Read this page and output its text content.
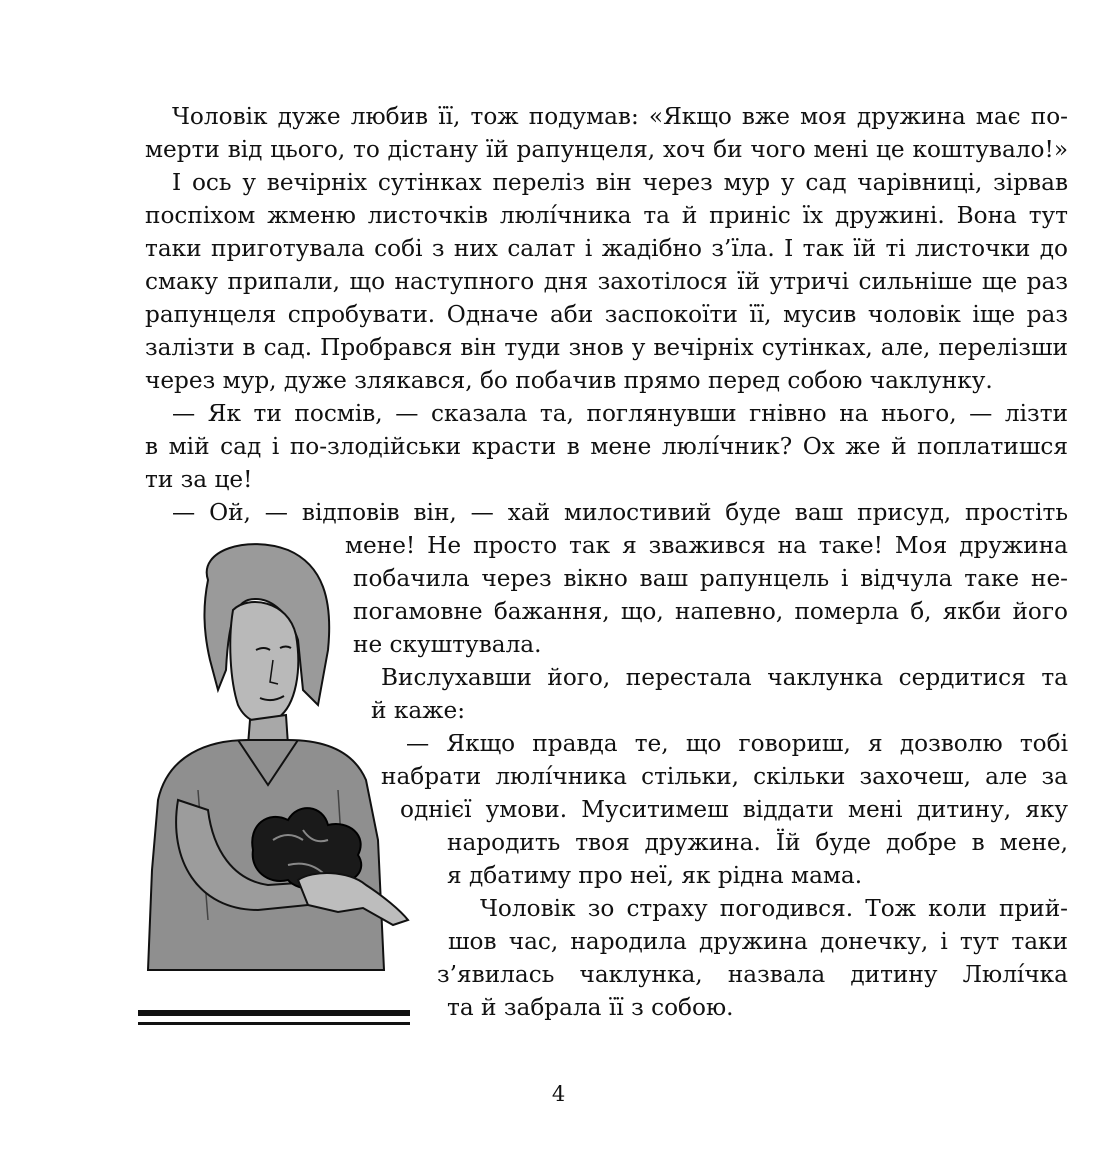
Чоловік дуже любив її, тож подумав: «Якщо вже моя дружина має по-
мерти від цього, то дістану їй рапунцеля, хоч би чого мені це коштувало!»
І ось у вечірніх сутінках переліз він через мур у сад чарівниці, зірвав
поспіхом жменю листочків люлíчника та й приніс їх дружині. Вона тут
таки приготувала собі з них салат і жадібно з’їла. І так їй ті листочки до
смаку припали, що наступного дня захотілося їй утричі сильніше ще раз
рапунцеля спробувати. Одначе аби заспокоїти її, мусив чоловік іще раз
залізти в сад. Пробрався він туди знов у вечірніх сутінках, але, перелізши
через мур, дуже злякався, бо побачив прямо перед собою чаклунку.
— Як ти посмів, — сказала та, поглянувши гнівно на нього, — лізти
в мій сад і по-злодійськи красти в мене люлíчник? Ох же й поплатишся
ти за це!
— Ой, — відповів він, — хай милостивий буде ваш присуд, простіть
мене! Не просто так я зважився на таке! Моя дружина
побачила через вікно ваш рапунцель і відчула таке не-
погамовне бажання, що, напевно, померла б, якби його
не скуштувала.
Вислухавши його, перестала чаклунка сердитися та
й каже:
— Якщо правда те, що говориш, я дозволю тобі
набрати люлíчника стільки, скільки захочеш, але за
однієї умови. Муситимеш віддати мені дитину, яку
народить твоя дружина. Їй буде добре в мене,
я дбатиму про неї, як рідна мама.
Чоловік зо страху погодився. Тож коли прий-
шов час, народила дружина донечку, і тут таки
з’явилась чаклунка, назвала дитину Люлíчка
та й забрала її з собою.
4
